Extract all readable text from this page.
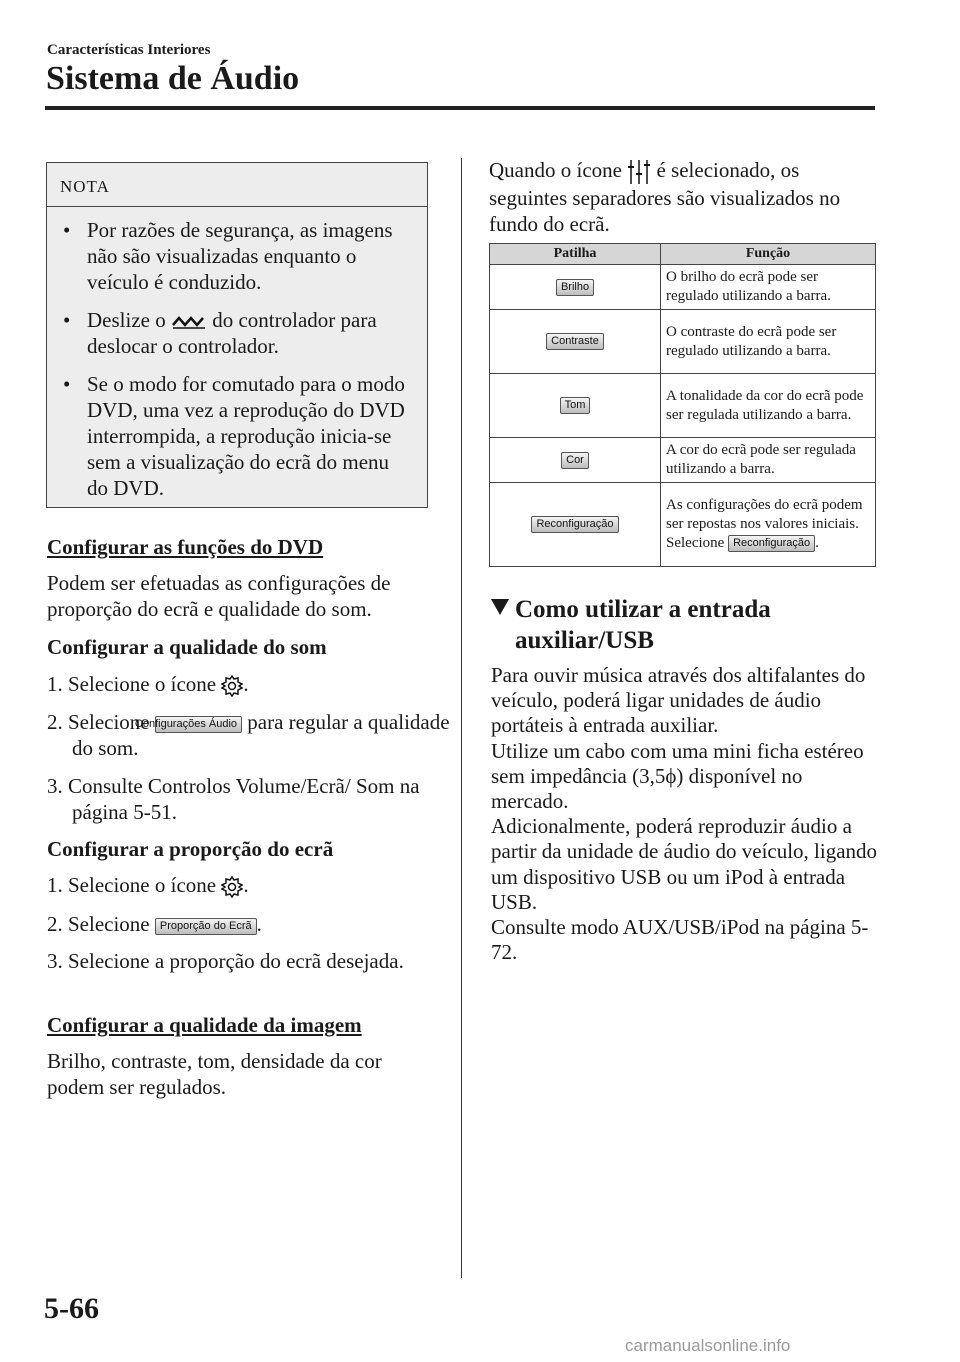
Características Interiores
Sistema de Áudio
NOTA
• Por razões de segurança, as imagens não são visualizadas enquanto o veículo é conduzido.
• Deslize o do controlador para deslocar o controlador.
• Se o modo for comutado para o modo DVD, uma vez a reprodução do DVD interrompida, a reprodução inicia-se sem a visualização do ecrã do menu do DVD.
Configurar as funções do DVD
Podem ser efetuadas as configurações de proporção do ecrã e qualidade do som.
Configurar a qualidade do som
1. Selecione o ícone .
2. Selecione Configurações Áudio para regular a qualidade do som.
3. Consulte Controlos Volume/Ecrã/ Som na página 5-51.
Configurar a proporção do ecrã
1. Selecione o ícone .
2. Selecione Proporção do Ecrã .
3. Selecione a proporção do ecrã desejada.
Configurar a qualidade da imagem
Brilho, contraste, tom, densidade da cor podem ser regulados.
Quando o ícone é selecionado, os seguintes separadores são visualizados no fundo do ecrã.
Patilha	Função
Brilho	O brilho do ecrã pode ser regulado utilizando a barra.
Contraste	O contraste do ecrã pode ser regulado utilizando a barra.
Tom	A tonalidade da cor do ecrã pode ser regulada utilizando a barra.
Cor	A cor do ecrã pode ser regulada utilizando a barra.
Reconfiguração	As configurações do ecrã podem ser repostas nos valores iniciais.
Selecione Reconfiguração .
Como utilizar a entrada
auxiliar/USB
Para ouvir música através dos altifalantes do veículo, poderá ligar unidades de áudio portáteis à entrada auxiliar.
Utilize um cabo com uma mini ficha estéreo sem impedância (3,5ϕ) disponível no mercado.
Adicionalmente, poderá reproduzir áudio a partir da unidade de áudio do veículo, ligando um dispositivo USB ou um iPod à entrada USB.
Consulte modo AUX/USB/iPod na página 5-72.
5-66
carmanualsonline.info
